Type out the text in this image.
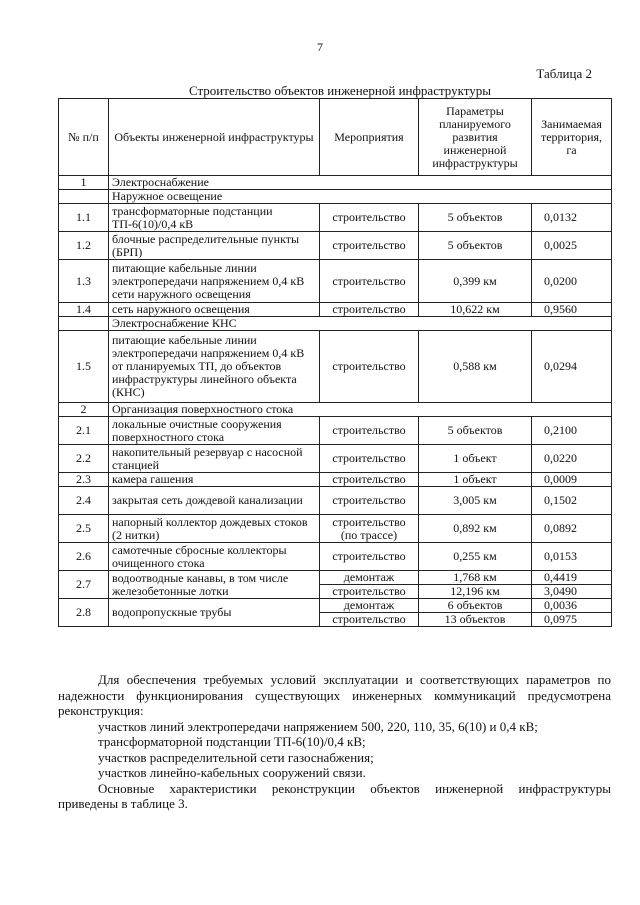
7
Таблица 2
Строительство объектов инженерной инфраструктуры
№ п/п	Объекты инженерной инфраструктуры	Мероприятия	Параметры планируемого развития инженерной инфраструктуры	Занимаемая территория, га
1	Электроснабжение			
	Наружное освещение			
1.1	трансформаторные подстанции ТП-6(10)/0,4 кВ	строительство	5 объектов	0,0132
1.2	блочные распределительные пункты (БРП)	строительство	5 объектов	0,0025
1.3	питающие кабельные линии электропередачи напряжением 0,4 кВ сети наружного освещения	строительство	0,399 км	0,0200
1.4	сеть наружного освещения	строительство	10,622 км	0,9560
	Электроснабжение КНС			
1.5	питающие кабельные линии электропередачи напряжением 0,4 кВ от планируемых ТП, до объектов инфраструктуры линейного объекта (КНС)	строительство	0,588 км	0,0294
2	Организация поверхностного стока			
2.1	локальные очистные сооружения поверхностного стока	строительство	5 объектов	0,2100
2.2	накопительный резервуар с насосной станцией	строительство	1 объект	0,0220
2.3	камера гашения	строительство	1 объект	0,0009
2.4	закрытая сеть дождевой канализации	строительство	3,005 км	0,1502
2.5	напорный коллектор дождевых стоков (2 нитки)	строительство (по трассе)	0,892 км	0,0892
2.6	самотечные сбросные коллекторы очищенного стока	строительство	0,255 км	0,0153
2.7	водоотводные канавы, в том числе железобетонные лотки	демонтаж	1,768 км	0,4419
		строительство	12,196 км	3,0490
2.8	водопропускные трубы	демонтаж	6 объектов	0,0036
		строительство	13 объектов	0,0975

Для обеспечения требуемых условий эксплуатации и соответствующих параметров по надежности функционирования существующих инженерных коммуникаций предусмотрена реконструкция:

участков линий электропередачи напряжением 500, 220, 110, 35, 6(10) и 0,4 кВ;

трансформаторной подстанции ТП-6(10)/0,4 кВ;

участков распределительной сети газоснабжения;

участков линейно-кабельных сооружений связи.

Основные характеристики реконструкции объектов инженерной инфраструктуры приведены в таблице 3.
